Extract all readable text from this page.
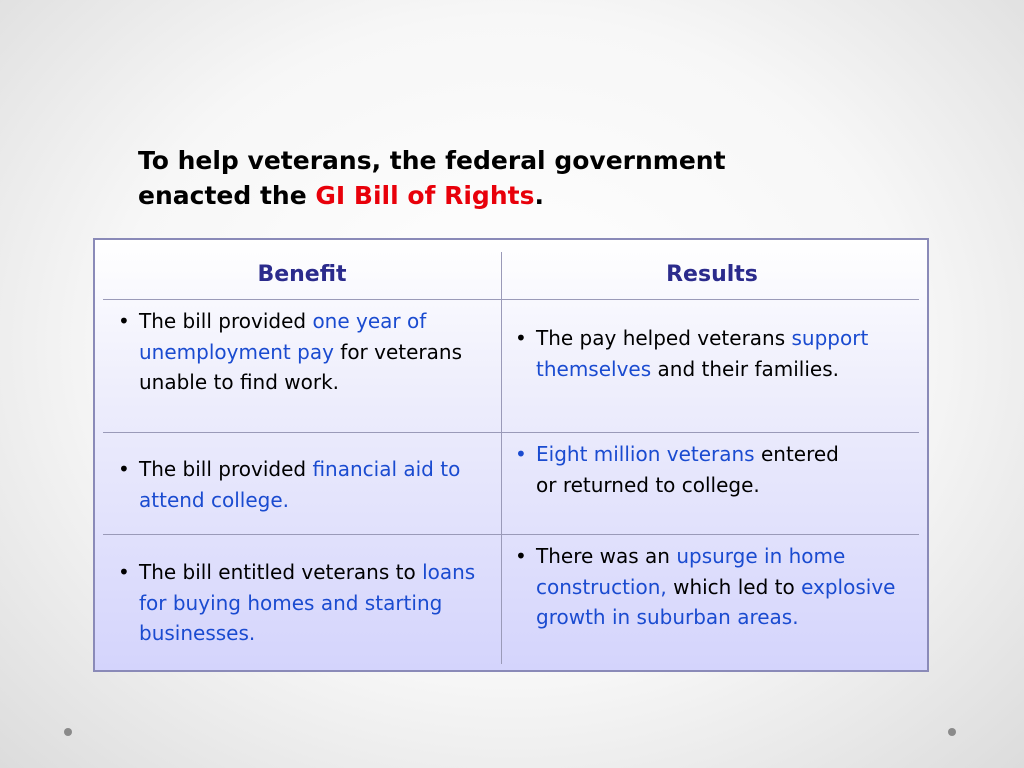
To help veterans, the federal government
enacted the GI Bill of Rights.
Benefit	Results
• The bill provided one year of unemployment pay for veterans unable to find work.
• The pay helped veterans support themselves and their families.
• The bill provided financial aid to attend college.
• Eight million veterans entered or returned to college.
• The bill entitled veterans to loans for buying homes and starting businesses.
• There was an upsurge in home construction, which led to explosive growth in suburban areas.
